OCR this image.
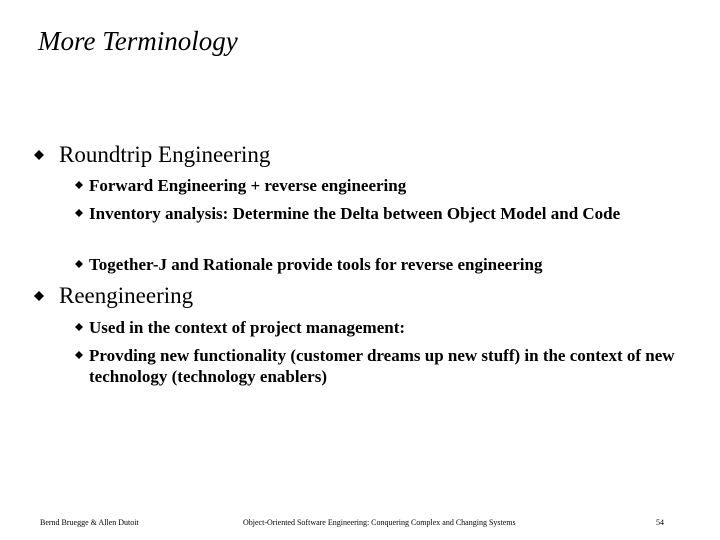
More Terminology
Roundtrip Engineering
Forward Engineering + reverse engineering
Inventory analysis: Determine the Delta between Object Model and Code
Together-J and Rationale provide tools for reverse engineering
Reengineering
Used in the context of project management:
Provding new functionality (customer dreams up new stuff) in the context of new technology (technology enablers)
Bernd Bruegge & Allen Dutoit	Object-Oriented Software Engineering: Conquering Complex and Changing Systems	54
